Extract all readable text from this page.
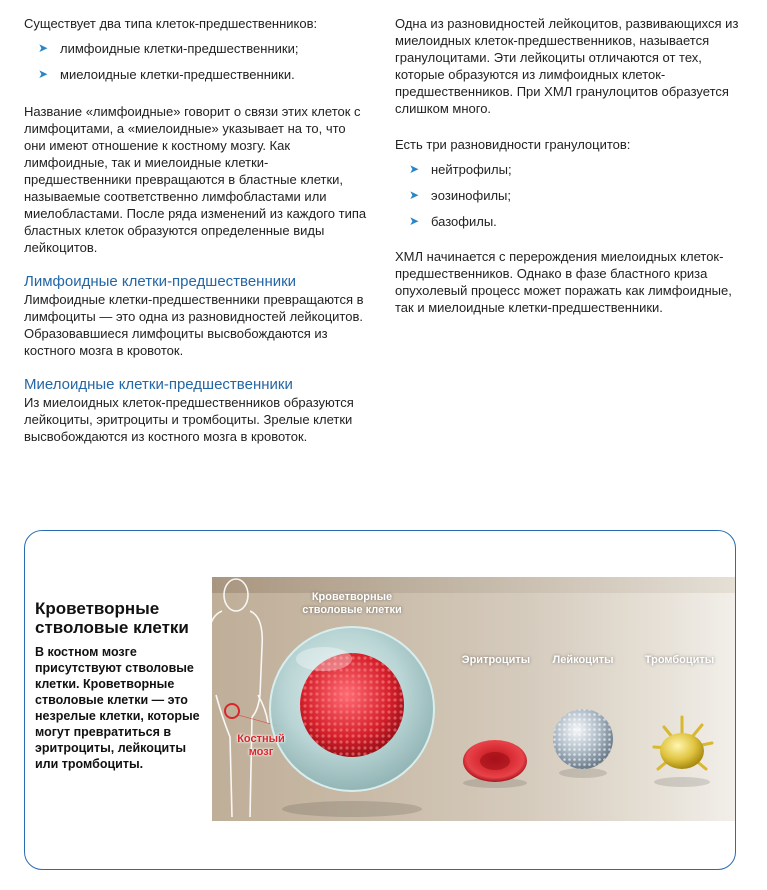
Существует два типа клеток-предшественников:

➤ лимфоидные клетки-предшественники;
➤ миелоидные клетки-предшественники.

Название «лимфоидные» говорит о связи этих клеток с лимфоцитами, а «миелоидные» указывает на то, что они имеют отношение к костному мозгу. Как лимфоидные, так и миелоидные клетки-предшественники превращаются в бластные клетки, называемые соответственно лимфобластами или миелобластами. После ряда изменений из каждого типа бластных клеток образуются определенные виды лейкоцитов.

Лимфоидные клетки-предшественники

Лимфоидные клетки-предшественники превращаются в лимфоциты — это одна из разновидностей лейкоцитов. Образовавшиеся лимфоциты высвобождаются из костного мозга в кровоток.

Миелоидные клетки-предшественники

Из миелоидных клеток-предшественников образуются лейкоциты, эритроциты и тромбоциты. Зрелые клетки высвобождаются из костного мозга в кровоток.

Одна из разновидностей лейкоцитов, развивающихся из миелоидных клеток-предшественников, называется гранулоцитами. Эти лейкоциты отличаются от тех, которые образуются из лимфоидных клеток-предшественников. При ХМЛ гранулоцитов образуется слишком много.

Есть три разновидности гранулоцитов:

➤ нейтрофилы;
➤ эозинофилы;
➤ базофилы.

ХМЛ начинается с перерождения миелоидных клеток-предшественников. Однако в фазе бластного криза опухолевый процесс может поражать как лимфоидные, так и миелоидные клетки-предшественники.

Кроветворные стволовые клетки
В костном мозге присутствуют стволовые клетки. Кроветворные стволовые клетки — это незрелые клетки, которые могут превратиться в эритроциты, лейкоциты или тромбоциты.
Кроветворные стволовые клетки
Эритроциты	Лейкоциты	Тромбоциты
Костный мозг
